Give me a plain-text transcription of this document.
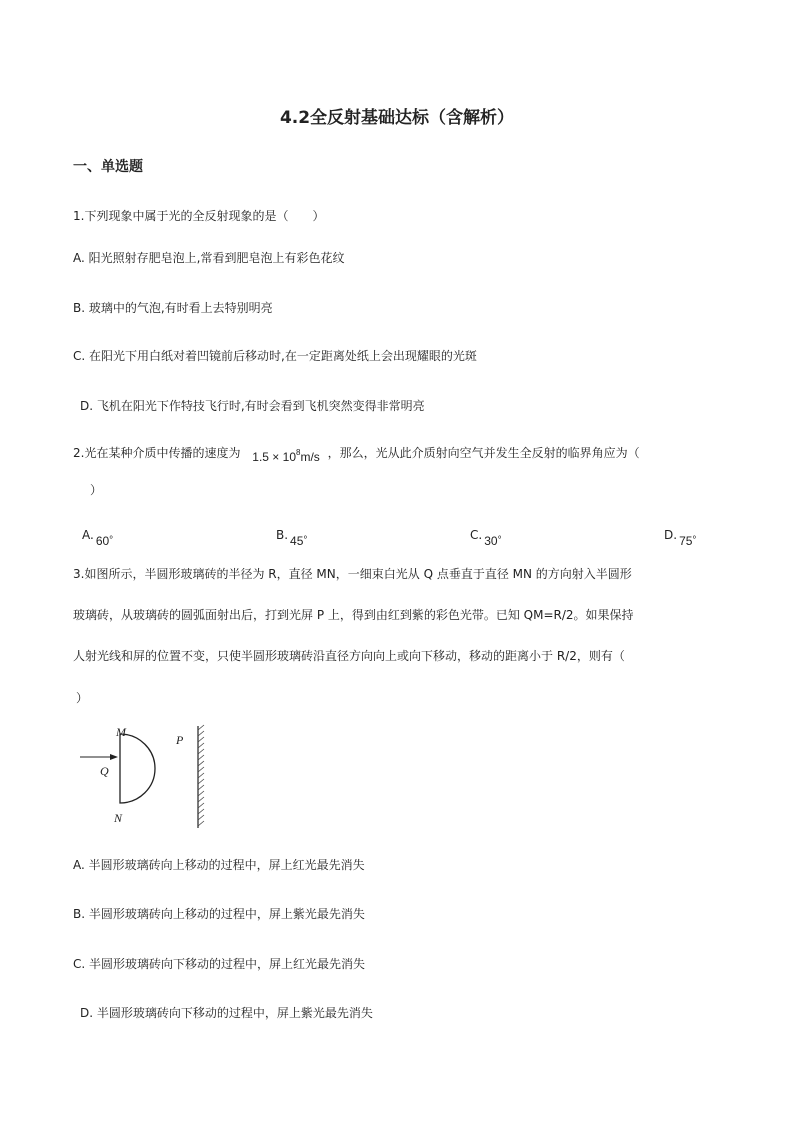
4.2全反射基础达标（含解析）
一、单选题
1.下列现象中属于光的全反射现象的是（　　）
A. 阳光照射存肥皂泡上,常看到肥皂泡上有彩色花纹
B. 玻璃中的气泡,有时看上去特别明亮
C. 在阳光下用白纸对着凹镜前后移动时,在一定距离处纸上会出现耀眼的光斑
D. 飞机在阳光下作特技飞行时,有时会看到飞机突然变得非常明亮
2.光在某种介质中传播的速度为 $1.5 \times 10^8m/s$ ，那么，光从此介质射向空气并发生全反射的临界角应为（
）
A. $_{60^\circ}$	B. $_{45^\circ}$	C. $_{30^\circ}$	D. $_{75^\circ}$
3.如图所示，半圆形玻璃砖的半径为 R，直径 MN，一细束白光从 Q 点垂直于直径 MN 的方向射入半圆形
玻璃砖，从玻璃砖的圆弧面射出后，打到光屏 P 上，得到由红到紫的彩色光带。已知 QM=R/2。如果保持
人射光线和屏的位置不变，只使半圆形玻璃砖沿直径方向向上或向下移动，移动的距离小于 R/2，则有（
）
M
Q
N
P
A. 半圆形玻璃砖向上移动的过程中，屏上红光最先消失
B. 半圆形玻璃砖向上移动的过程中，屏上紫光最先消失
C. 半圆形玻璃砖向下移动的过程中，屏上红光最先消失
D. 半圆形玻璃砖向下移动的过程中，屏上紫光最先消失
